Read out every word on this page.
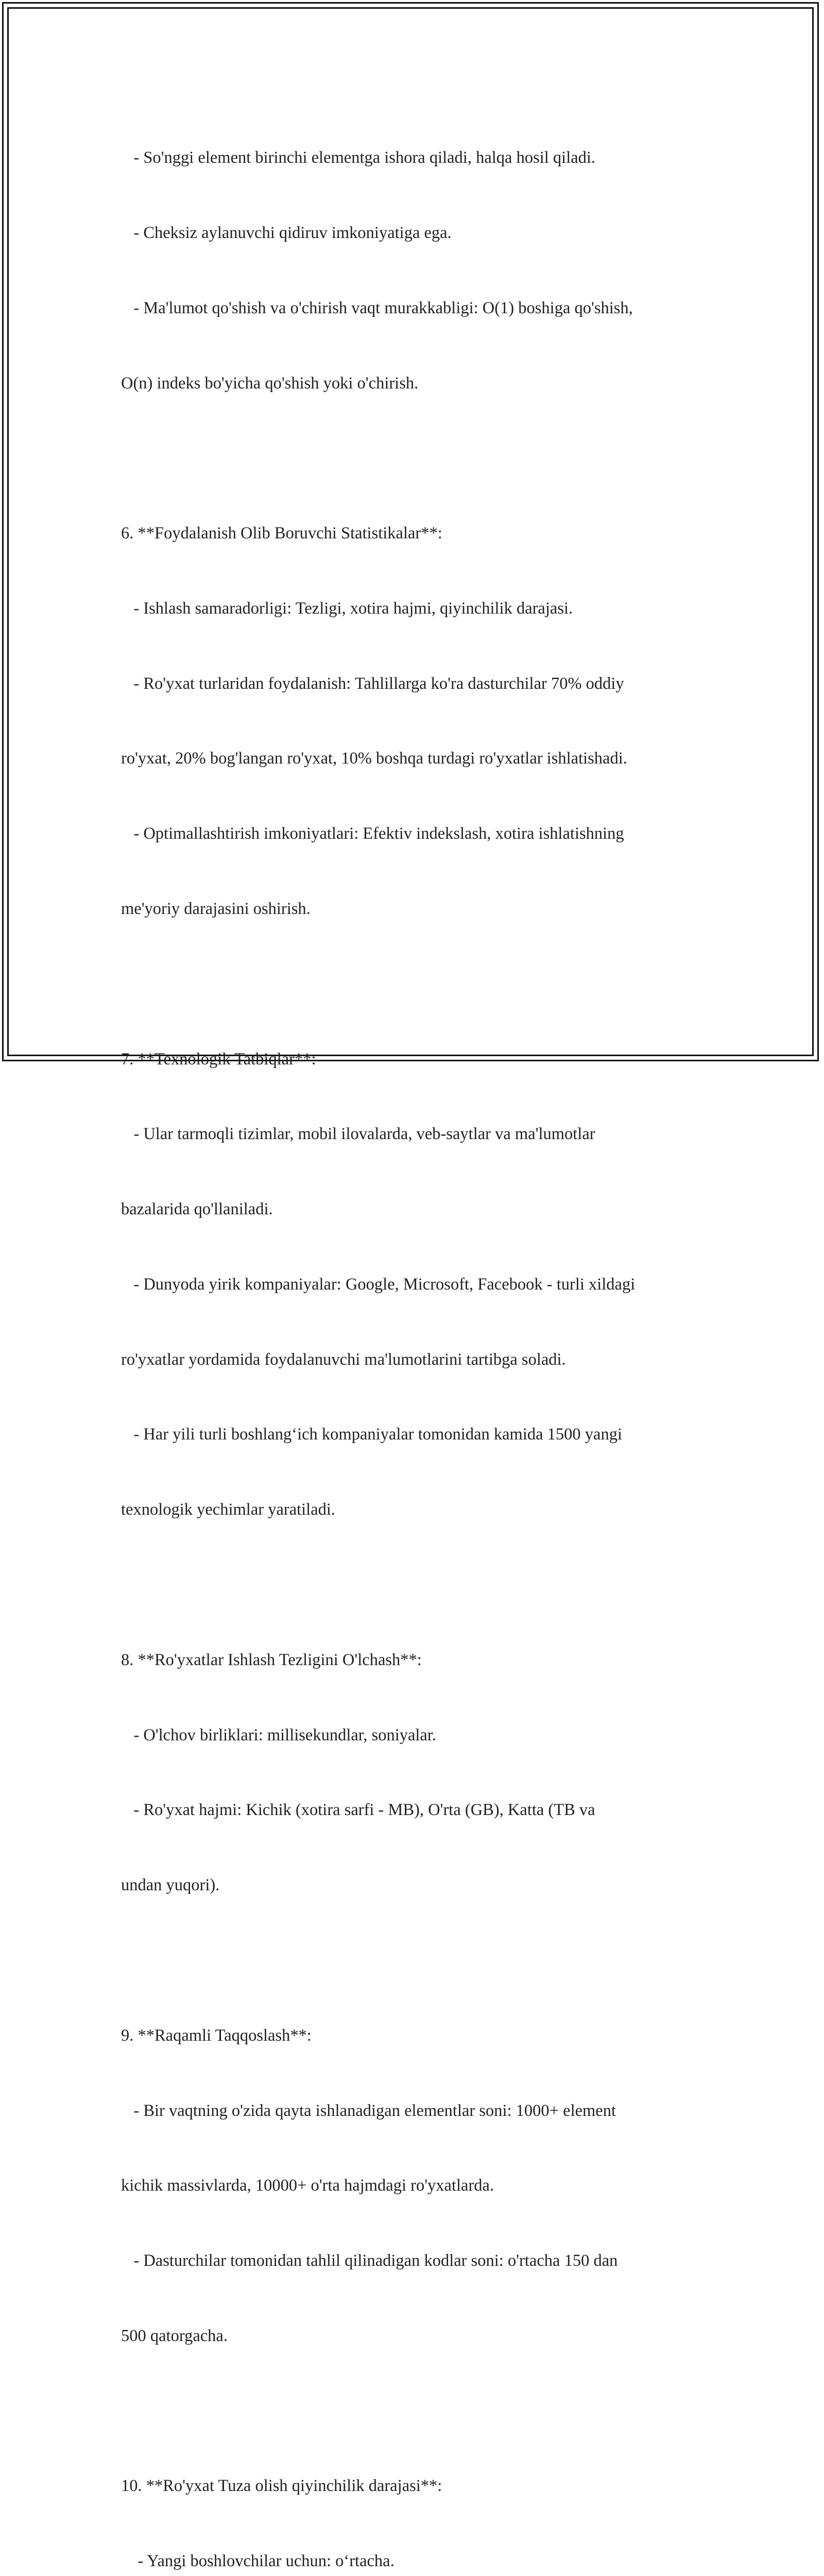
- So'nggi element birinchi elementga ishora qiladi, halqa hosil qiladi.

- Cheksiz aylanuvchi qidiruv imkoniyatiga ega.

- Ma'lumot qo'shish va o'chirish vaqt murakkabligi: O(1) boshiga qo'shish,

O(n) indeks bo'yicha qo'shish yoki o'chirish.

6. **Foydalanish Olib Boruvchi Statistikalar**:

- Ishlash samaradorligi: Tezligi, xotira hajmi, qiyinchilik darajasi.

- Ro'yxat turlaridan foydalanish: Tahlillarga ko'ra dasturchilar 70% oddiy

ro'yxat, 20% bog'langan ro'yxat, 10% boshqa turdagi ro'yxatlar ishlatishadi.

- Optimallashtirish imkoniyatlari: Efektiv indekslash, xotira ishlatishning

me'yoriy darajasini oshirish.

7. **Texnologik Tatbiqlar**:

- Ular tarmoqli tizimlar, mobil ilovalarda, veb-saytlar va ma'lumotlar

bazalarida qo'llaniladi.

- Dunyoda yirik kompaniyalar: Google, Microsoft, Facebook - turli xildagi

ro'yxatlar yordamida foydalanuvchi ma'lumotlarini tartibga soladi.

- Har yili turli boshlang‘ich kompaniyalar tomonidan kamida 1500 yangi

texnologik yechimlar yaratiladi.

8. **Ro'yxatlar Ishlash Tezligini O'lchash**:

- O'lchov birliklari: millisekundlar, soniyalar.

- Ro'yxat hajmi: Kichik (xotira sarfi - MB), O'rta (GB), Katta (TB va

undan yuqori).

9. **Raqamli Taqqoslash**:

- Bir vaqtning o'zida qayta ishlanadigan elementlar soni: 1000+ element

kichik massivlarda, 10000+ o'rta hajmdagi ro'yxatlarda.

- Dasturchilar tomonidan tahlil qilinadigan kodlar soni: o'rtacha 150 dan

500 qatorgacha.

10. **Ro'yxat Tuza olish qiyinchilik darajasi**:

- Yangi boshlovchilar uchun: o‘rtacha.
